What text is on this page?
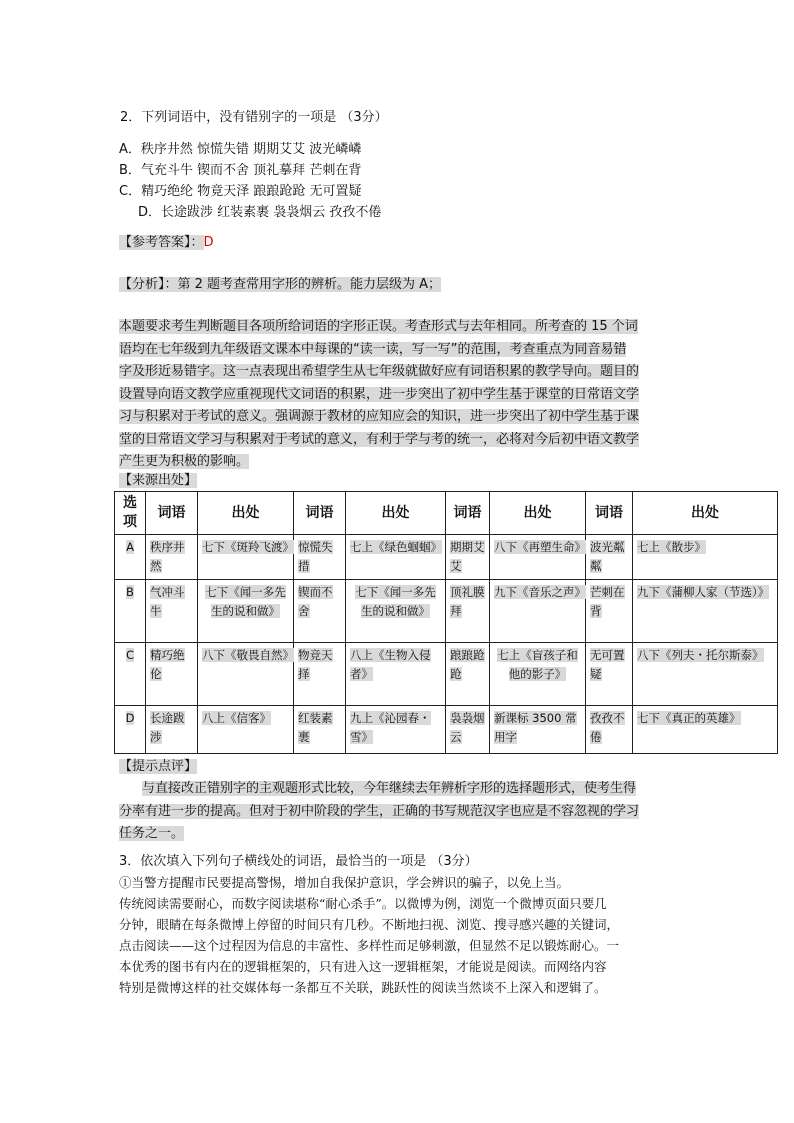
2．下列词语中，没有错别字的一项是 （3分）
A．秩序井然 惊慌失错 期期艾艾 波光嶙嶙
B．气充斗牛 锲而不舍 顶礼摹拜 芒刺在背
C．精巧绝纶 物竟天泽 踉踉跄跄 无可置疑
D．长途跋涉 红装素裹 袅袅烟云 孜孜不倦
【参考答案】：D
【分析】：第 2 题考查常用字形的辨析。能力层级为 A；
本题要求考生判断题目各项所给词语的字形正误。考查形式与去年相同。所考查的 15 个词
语均在七年级到九年级语文课本中每课的“读一读，写一写”的范围，考查重点为同音易错
字及形近易错字。这一点表现出希望学生从七年级就做好应有词语积累的教学导向。题目的
设置导向语文教学应重视现代文词语的积累，进一步突出了初中学生基于课堂的日常语文学
习与积累对于考试的意义。强调源于教材的应知应会的知识，进一步突出了初中学生基于课
堂的日常语文学习与积累对于考试的意义，有利于学与考的统一，必将对今后初中语文教学
产生更为积极的影响。
【来源出处】
选项	词语	出处	词语	出处	词语	出处	词语	出处
A	秩序井然	七下《斑羚飞渡》	惊慌失措	七上《绿色蝈蝈》	期期艾艾	八下《再塑生命》	波光粼粼	七上《散步》
B	气冲斗牛	七下《闻一多先生的说和做》	锲而不舍	七下《闻一多先生的说和做》	顶礼膜拜	九下《音乐之声》	芒刺在背	九下《蒲柳人家（节选）》
C	精巧绝伦	八下《敬畏自然》	物竞天择	八上《生物入侵者》	踉踉跄跄	七上《盲孩子和他的影子》	无可置疑	八下《列夫・托尔斯泰》
D	长途跋涉	八上《信客》	红装素裹	九上《沁园春・雪》	袅袅烟云	新课标 3500 常用字	孜孜不倦	七下《真正的英雄》
【提示点评】
与直接改正错别字的主观题形式比较，今年继续去年辨析字形的选择题形式，使考生得
分率有进一步的提高。但对于初中阶段的学生，正确的书写规范汉字也应是不容忽视的学习
任务之一。
3．依次填入下列句子横线处的词语，最恰当的一项是 （3分）
①当警方提醒市民要提高警惕，增加自我保护意识，学会辨识的骗子，以免上当。
传统阅读需要耐心，而数字阅读堪称“耐心杀手”。以微博为例，浏览一个微博页面只要几
分钟，眼睛在每条微博上停留的时间只有几秒。不断地扫视、浏览、搜寻感兴趣的关键词，
点击阅读——这个过程因为信息的丰富性、多样性而足够刺激，但显然不足以锻炼耐心。一
本优秀的图书有内在的逻辑框架的，只有进入这一逻辑框架，才能说是阅读。而网络内容
特别是微博这样的社交媒体每一条都互不关联，跳跃性的阅读当然谈不上深入和逻辑了。
